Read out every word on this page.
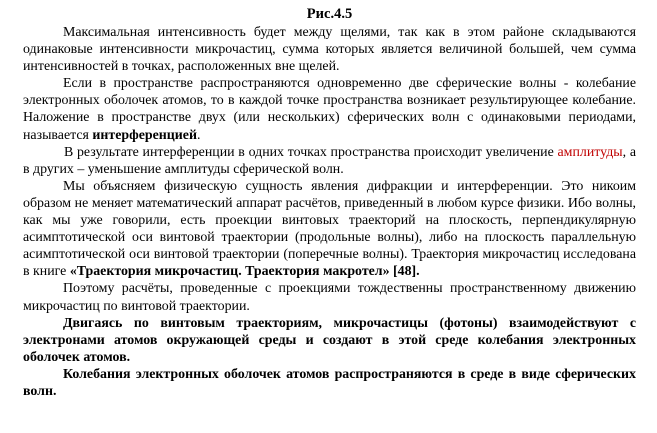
Рис.4.5

Максимальная интенсивность будет между щелями, так как в этом районе складываются одинаковые интенсивности микрочастиц, сумма которых является величиной большей, чем сумма интенсивностей в точках, расположенных вне щелей.

Если в пространстве распространяются одновременно две сферические волны - колебание электронных оболочек атомов, то в каждой точке пространства возникает результирующее колебание. Наложение в пространстве двух (или нескольких) сферических волн с одинаковыми периодами, называется интерференцией.

В результате интерференции в одних точках пространства происходит увеличение амплитуды, а в других – уменьшение амплитуды сферической волн.

Мы объясняем физическую сущность явления дифракции и интерференции. Это никоим образом не меняет математический аппарат расчётов, приведенный в любом курсе физики. Ибо волны, как мы уже говорили, есть проекции винтовых траекторий на плоскость, перпендикулярную асимптотической оси винтовой траектории (продольные волны), либо на плоскость параллельную асимптотической оси винтовой траектории (поперечные волны). Траектория микрочастиц исследована в книге «Траектория микрочастиц. Траектория макротел» [48].

Поэтому расчёты, проведенные с проекциями тождественны пространственному движению микрочастиц по винтовой траектории.

Двигаясь по винтовым траекториям, микрочастицы (фотоны) взаимодействуют с электронами атомов окружающей среды и создают в этой среде колебания электронных оболочек атомов.

Колебания электронных оболочек атомов распространяются в среде в виде сферических волн.
